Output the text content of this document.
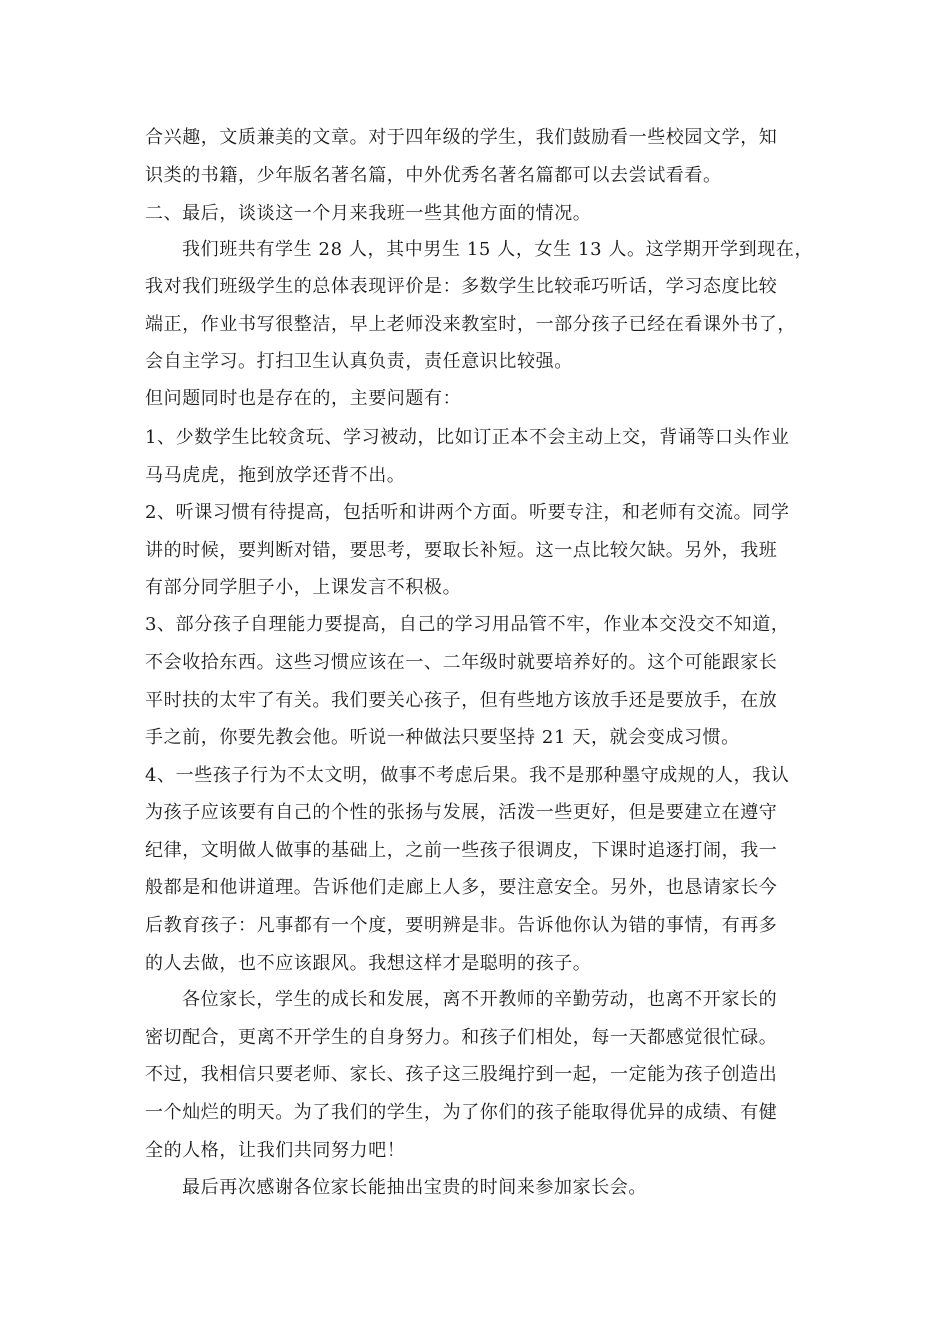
合兴趣，文质兼美的文章。对于四年级的学生，我们鼓励看一些校园文学，知
识类的书籍，少年版名著名篇，中外优秀名著名篇都可以去尝试看看。
二、最后，谈谈这一个月来我班一些其他方面的情况。
我们班共有学生 28 人，其中男生 15 人，女生 13 人。这学期开学到现在，
我对我们班级学生的总体表现评价是：多数学生比较乖巧听话，学习态度比较
端正，作业书写很整洁，早上老师没来教室时，一部分孩子已经在看课外书了，
会自主学习。打扫卫生认真负责，责任意识比较强。
但问题同时也是存在的，主要问题有：
1、少数学生比较贪玩、学习被动，比如订正本不会主动上交，背诵等口头作业
马马虎虎，拖到放学还背不出。
2、听课习惯有待提高，包括听和讲两个方面。听要专注，和老师有交流。同学
讲的时候，要判断对错，要思考，要取长补短。这一点比较欠缺。另外，我班
有部分同学胆子小，上课发言不积极。
3、部分孩子自理能力要提高，自己的学习用品管不牢，作业本交没交不知道，
不会收拾东西。这些习惯应该在一、二年级时就要培养好的。这个可能跟家长
平时扶的太牢了有关。我们要关心孩子，但有些地方该放手还是要放手，在放
手之前，你要先教会他。听说一种做法只要坚持 21 天，就会变成习惯。
4、一些孩子行为不太文明，做事不考虑后果。我不是那种墨守成规的人，我认
为孩子应该要有自己的个性的张扬与发展，活泼一些更好，但是要建立在遵守
纪律，文明做人做事的基础上，之前一些孩子很调皮，下课时追逐打闹，我一
般都是和他讲道理。告诉他们走廊上人多，要注意安全。另外，也恳请家长今
后教育孩子：凡事都有一个度，要明辨是非。告诉他你认为错的事情，有再多
的人去做，也不应该跟风。我想这样才是聪明的孩子。
各位家长，学生的成长和发展，离不开教师的辛勤劳动，也离不开家长的
密切配合，更离不开学生的自身努力。和孩子们相处，每一天都感觉很忙碌。
不过，我相信只要老师、家长、孩子这三股绳拧到一起，一定能为孩子创造出
一个灿烂的明天。为了我们的学生，为了你们的孩子能取得优异的成绩、有健
全的人格，让我们共同努力吧！
最后再次感谢各位家长能抽出宝贵的时间来参加家长会。
